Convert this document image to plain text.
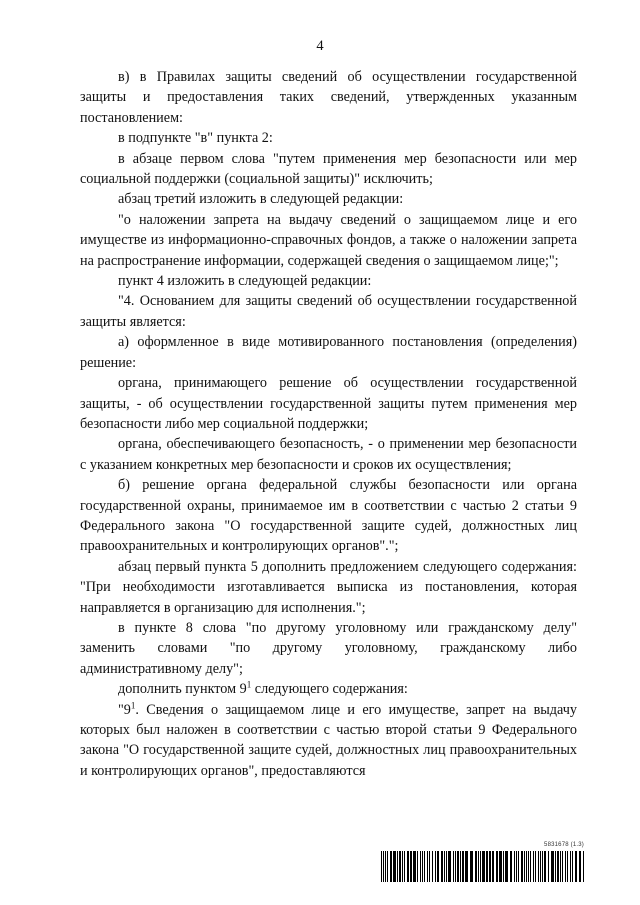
4

в) в Правилах защиты сведений об осуществлении государственной защиты и предоставления таких сведений, утвержденных указанным постановлением:

в подпункте "в" пункта 2:

в абзаце первом слова "путем применения мер безопасности или мер социальной поддержки (социальной защиты)" исключить;

абзац третий изложить в следующей редакции:

"о наложении запрета на выдачу сведений о защищаемом лице и его имуществе из информационно-справочных фондов, а также о наложении запрета на распространение информации, содержащей сведения о защищаемом лице;";

пункт 4 изложить в следующей редакции:

"4. Основанием для защиты сведений об осуществлении государственной защиты является:

а) оформленное в виде мотивированного постановления (определения) решение:

органа, принимающего решение об осуществлении государственной защиты, - об осуществлении государственной защиты путем применения мер безопасности либо мер социальной поддержки;

органа, обеспечивающего безопасность, - о применении мер безопасности с указанием конкретных мер безопасности и сроков их осуществления;

б) решение органа федеральной службы безопасности или органа государственной охраны, принимаемое им в соответствии с частью 2 статьи 9 Федерального закона "О государственной защите судей, должностных лиц правоохранительных и контролирующих органов".";

абзац первый пункта 5 дополнить предложением следующего содержания: "При необходимости изготавливается выписка из постановления, которая направляется в организацию для исполнения.";

в пункте 8 слова "по другому уголовному или гражданскому делу" заменить словами "по другому уголовному, гражданскому либо административному делу";

дополнить пунктом $9^1$ следующего содержания:

"$9^1$. Сведения о защищаемом лице и его имуществе, запрет на выдачу которых был наложен в соответствии с частью второй статьи 9 Федерального закона "О государственной защите судей, должностных лиц правоохранительных и контролирующих органов", предоставляются

5831678 (1.3)
